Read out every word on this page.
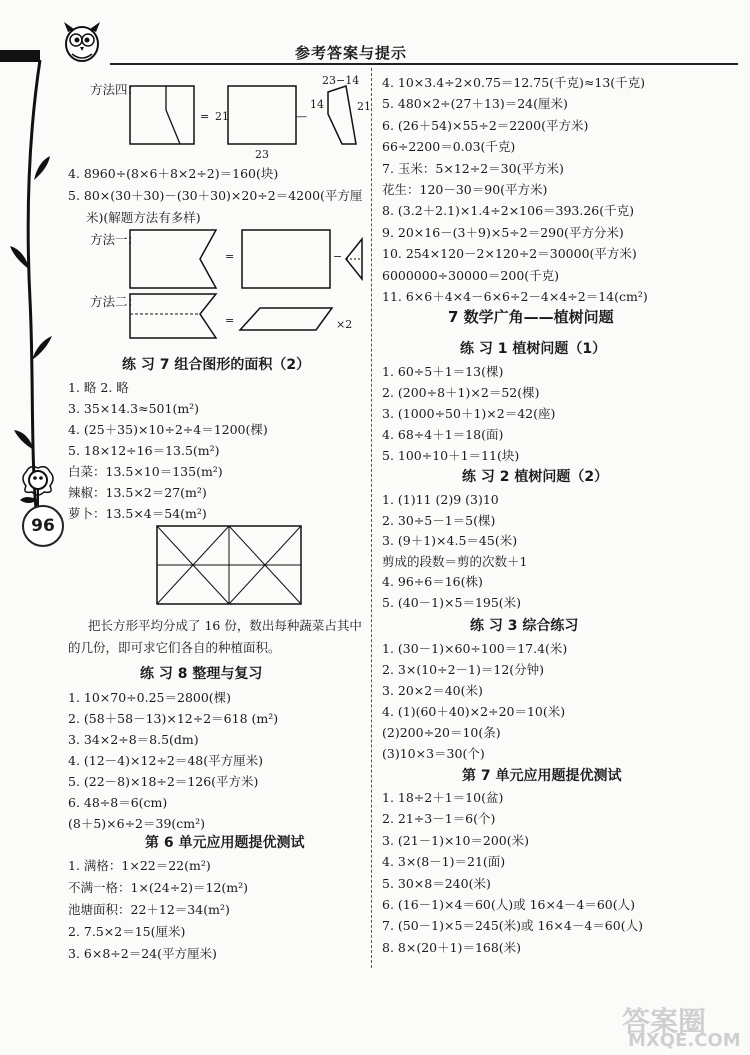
参考答案与提示
96
方法四：
= 21	—
14	21
23−14
23
4. 8960÷(8×6＋8×2÷2)＝160(块)
5. 80×(30＋30)－(30＋30)×20÷2＝4200(平方厘
米)(解题方法有多样)
方法一：
=	−
方法二：
=	×2
练 习 7 组合图形的面积（2）
1. 略 2. 略
3. 35×14.3≈501(m²)
4. (25＋35)×10÷2÷4＝1200(棵)
5. 18×12÷16＝13.5(m²)
白菜：13.5×10＝135(m²)
辣椒：13.5×2＝27(m²)
萝卜：13.5×4＝54(m²)
把长方形平均分成了 16 份，数出每种蔬菜占其中
的几份，即可求它们各自的种植面积。
练 习 8 整理与复习
1. 10×70÷0.25＝2800(棵)
2. (58＋58－13)×12÷2＝618 (m²)
3. 34×2÷8＝8.5(dm)
4. (12－4)×12÷2＝48(平方厘米)
5. (22－8)×18÷2＝126(平方米)
6. 48÷8＝6(cm)
(8＋5)×6÷2＝39(cm²)
第 6 单元应用题提优测试
1. 满格：1×22＝22(m²)
不满一格：1×(24÷2)＝12(m²)
池塘面积：22＋12＝34(m²)
2. 7.5×2＝15(厘米)
3. 6×8÷2＝24(平方厘米)
4. 10×3.4÷2×0.75＝12.75(千克)≈13(千克)
5. 480×2÷(27＋13)＝24(厘米)
6. (26＋54)×55÷2＝2200(平方米)
66÷2200＝0.03(千克)
7. 玉米：5×12÷2＝30(平方米)
花生：120－30＝90(平方米)
8. (3.2＋2.1)×1.4÷2×106＝393.26(千克)
9. 20×16－(3＋9)×5÷2＝290(平方分米)
10. 254×120－2×120÷2＝30000(平方米)
6000000÷30000＝200(千克)
11. 6×6＋4×4－6×6÷2－4×4÷2＝14(cm²)
7 数学广角——植树问题
练 习 1 植树问题（1）
1. 60÷5＋1＝13(棵)
2. (200÷8＋1)×2＝52(棵)
3. (1000÷50＋1)×2＝42(座)
4. 68÷4＋1＝18(面)
5. 100÷10＋1＝11(块)
练 习 2 植树问题（2）
1. (1)11 (2)9 (3)10
2. 30÷5－1＝5(棵)
3. (9＋1)×4.5＝45(米)
剪成的段数＝剪的次数＋1
4. 96÷6＝16(株)
5. (40－1)×5＝195(米)
练 习 3 综合练习
1. (30－1)×60÷100＝17.4(米)
2. 3×(10÷2－1)＝12(分钟)
3. 20×2＝40(米)
4. (1)(60＋40)×2÷20＝10(米)
(2)200÷20＝10(条)
(3)10×3＝30(个)
第 7 单元应用题提优测试
1. 18÷2＋1＝10(盆)
2. 21÷3－1＝6(个)
3. (21－1)×10＝200(米)
4. 3×(8－1)＝21(面)
5. 30×8＝240(米)
6. (16－1)×4＝60(人)或 16×4－4＝60(人)
7. (50－1)×5＝245(米)或 16×4－4＝60(人)
8. 8×(20＋1)＝168(米)
答案圈
MXQE.COM
